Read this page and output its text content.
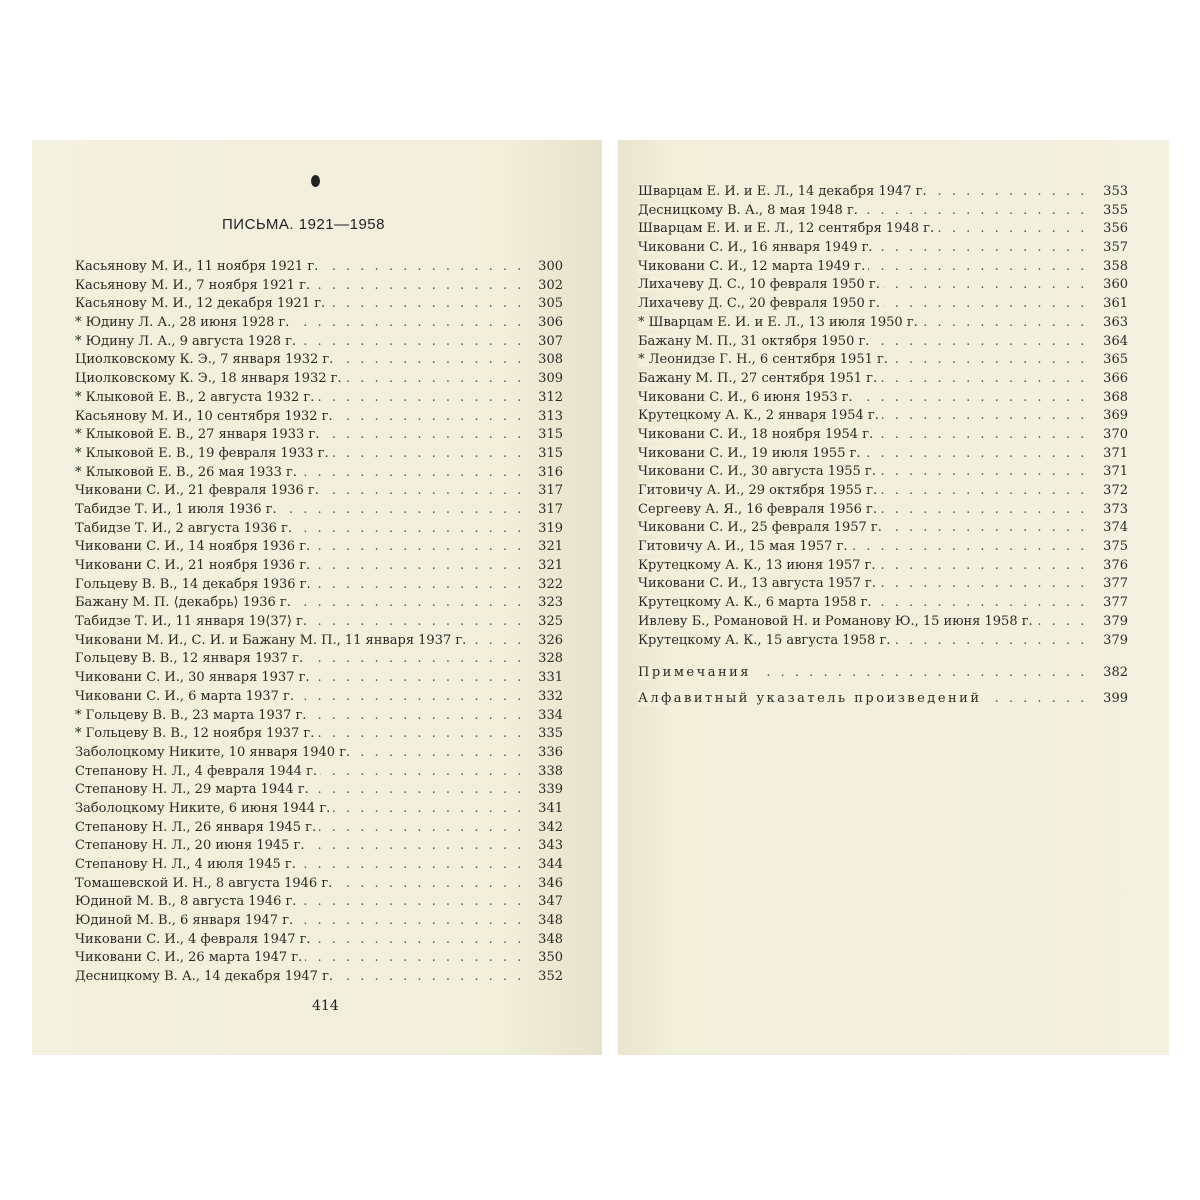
ПИСЬМА. 1921—1958
. . .
Касьянову М. И., 11 ноября 1921 г.	300
. . .
Касьянову М. И., 7 ноября 1921 г.	302
. . .
Касьянову М. И., 12 декабря 1921 г.	305
. . .
* Юдину Л. А., 28 июня 1928 г.	306
. . .
* Юдину Л. А., 9 августа 1928 г.	307
. . .
Циолковскому К. Э., 7 января 1932 г.	308
. . .
Циолковскому К. Э., 18 января 1932 г.	309
. . .
* Клыковой Е. В., 2 августа 1932 г.	312
. . .
Касьянову М. И., 10 сентября 1932 г.	313
. . .
* Клыковой Е. В., 27 января 1933 г.	315
. . .
* Клыковой Е. В., 19 февраля 1933 г.	315
. . .
* Клыковой Е. В., 26 мая 1933 г.	316
. . .
Чиковани С. И., 21 февраля 1936 г.	317
. . .
Табидзе Т. И., 1 июля 1936 г.	317
. . .
Табидзе Т. И., 2 августа 1936 г.	319
. . .
Чиковани С. И., 14 ноября 1936 г.	321
. . .
Чиковани С. И., 21 ноября 1936 г.	321
. . .
Гольцеву В. В., 14 декабря 1936 г.	322
. . .
Бажану М. П. ⟨декабрь⟩ 1936 г.	323
. . .
Табидзе Т. И., 11 января 19⟨37⟩ г.	325
. . .
Чиковани М. И., С. И. и Бажану М. П., 11 января 1937 г.	326
. . .
Гольцеву В. В., 12 января 1937 г.	328
. . .
Чиковани С. И., 30 января 1937 г.	331
. . .
Чиковани С. И., 6 марта 1937 г.	332
. . .
* Гольцеву В. В., 23 марта 1937 г.	334
. . .
* Гольцеву В. В., 12 ноября 1937 г.	335
. . .
Заболоцкому Никите, 10 января 1940 г.	336
. . .
Степанову Н. Л., 4 февраля 1944 г.	338
. . .
Степанову Н. Л., 29 марта 1944 г.	339
. . .
Заболоцкому Никите, 6 июня 1944 г.	341
. . .
Степанову Н. Л., 26 января 1945 г.	342
. . .
Степанову Н. Л., 20 июня 1945 г.	343
. . .
Степанову Н. Л., 4 июля 1945 г.	344
. . .
Томашевской И. Н., 8 августа 1946 г.	346
. . .
Юдиной М. В., 8 августа 1946 г.	347
. . .
Юдиной М. В., 6 января 1947 г.	348
. . .
Чиковани С. И., 4 февраля 1947 г.	348
. . .
Чиковани С. И., 26 марта 1947 г.	350
. . .
Десницкому В. А., 14 декабря 1947 г.	352
414
. . .
Шварцам Е. И. и Е. Л., 14 декабря 1947 г.	353
. . .
Десницкому В. А., 8 мая 1948 г.	355
. . .
Шварцам Е. И. и Е. Л., 12 сентября 1948 г.	356
. . .
Чиковани С. И., 16 января 1949 г.	357
. . .
Чиковани С. И., 12 марта 1949 г.	358
. . .
Лихачеву Д. С., 10 февраля 1950 г.	360
. . .
Лихачеву Д. С., 20 февраля 1950 г.	361
. . .
* Шварцам Е. И. и Е. Л., 13 июля 1950 г.	363
. . .
Бажану М. П., 31 октября 1950 г.	364
. . .
* Леонидзе Г. Н., 6 сентября 1951 г.	365
. . .
Бажану М. П., 27 сентября 1951 г.	366
. . .
Чиковани С. И., 6 июня 1953 г.	368
. . .
Крутецкому А. К., 2 января 1954 г.	369
. . .
Чиковани С. И., 18 ноября 1954 г.	370
. . .
Чиковани С. И., 19 июля 1955 г.	371
. . .
Чиковани С. И., 30 августа 1955 г.	371
. . .
Гитовичу А. И., 29 октября 1955 г.	372
. . .
Сергееву А. Я., 16 февраля 1956 г.	373
. . .
Чиковани С. И., 25 февраля 1957 г.	374
. . .
Гитовичу А. И., 15 мая 1957 г.	375
. . .
Крутецкому А. К., 13 июня 1957 г.	376
. . .
Чиковани С. И., 13 августа 1957 г.	377
. . .
Крутецкому А. К., 6 марта 1958 г.	377
. . .
Ивлеву Б., Романовой Н. и Романову Ю., 15 июня 1958 г.	379
. . .
Крутецкому А. К., 15 августа 1958 г.	379
. . .
Примечания	382
. . .
Алфавитный указатель произведений	399
